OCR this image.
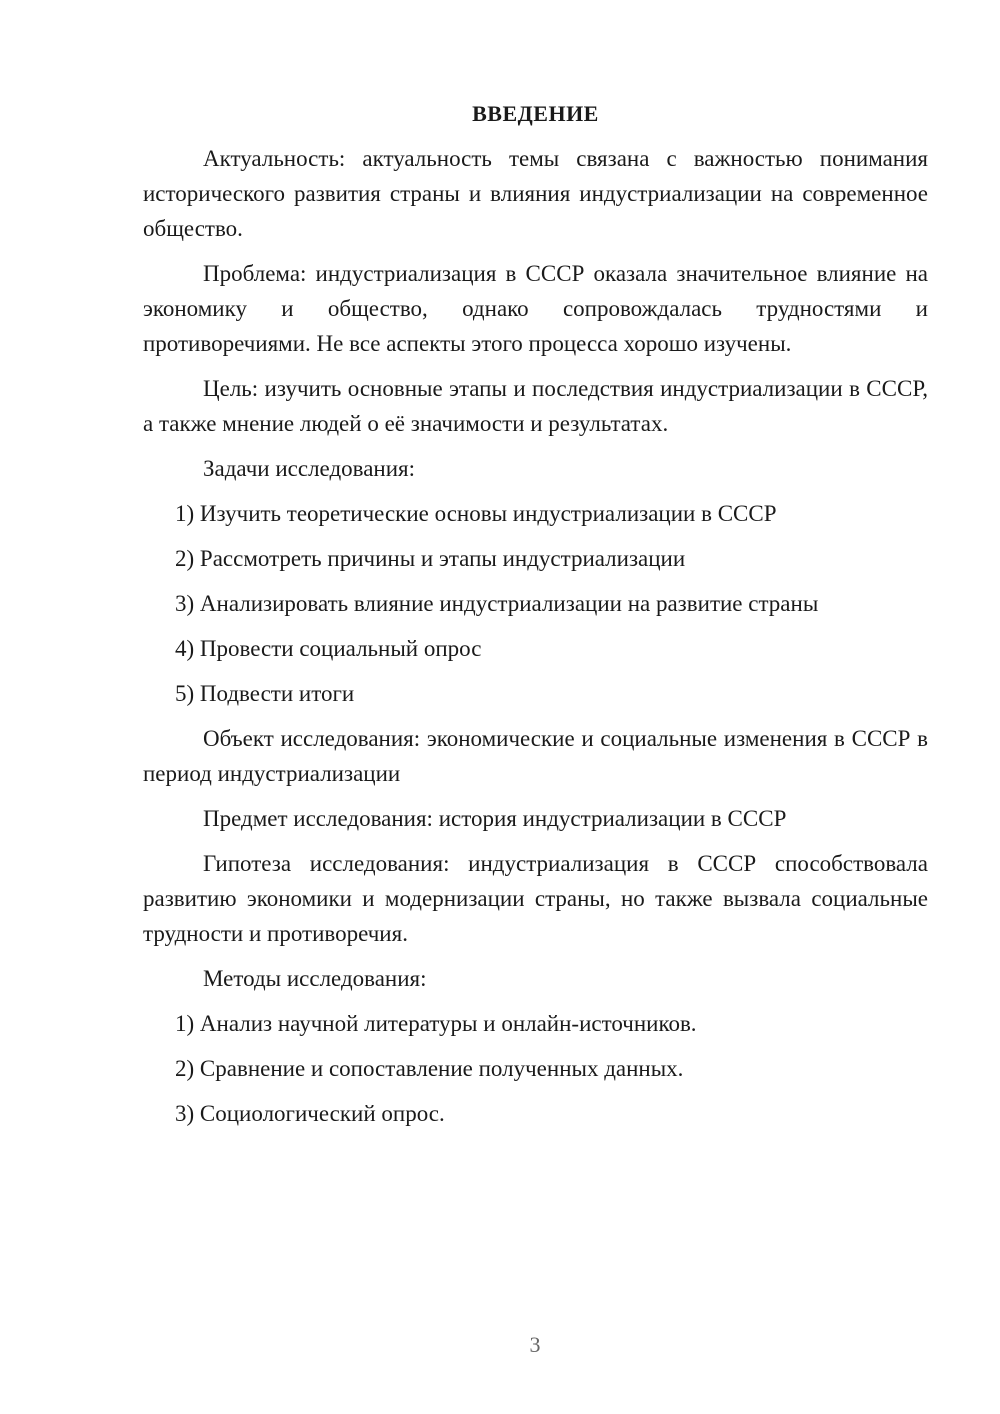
ВВЕДЕНИЕ

Актуальность: актуальность темы связана с важностью понимания исторического развития страны и влияния индустриализации на современное общество.

Проблема: индустриализация в СССР оказала значительное влияние на экономику и общество, однако сопровождалась трудностями и противоречиями. Не все аспекты этого процесса хорошо изучены.

Цель: изучить основные этапы и последствия индустриализации в СССР, а также мнение людей о её значимости и результатах.

Задачи исследования:

1) Изучить теоретические основы индустриализации в СССР
2) Рассмотреть причины и этапы индустриализации
3) Анализировать влияние индустриализации на развитие страны
4) Провести социальный опрос
5) Подвести итоги

Объект исследования: экономические и социальные изменения в СССР в период индустриализации

Предмет исследования: история индустриализации в СССР

Гипотеза исследования: индустриализация в СССР способствовала развитию экономики и модернизации страны, но также вызвала социальные трудности и противоречия.

Методы исследования:

1) Анализ научной литературы и онлайн-источников.
2) Сравнение и сопоставление полученных данных.
3) Социологический опрос.
3
